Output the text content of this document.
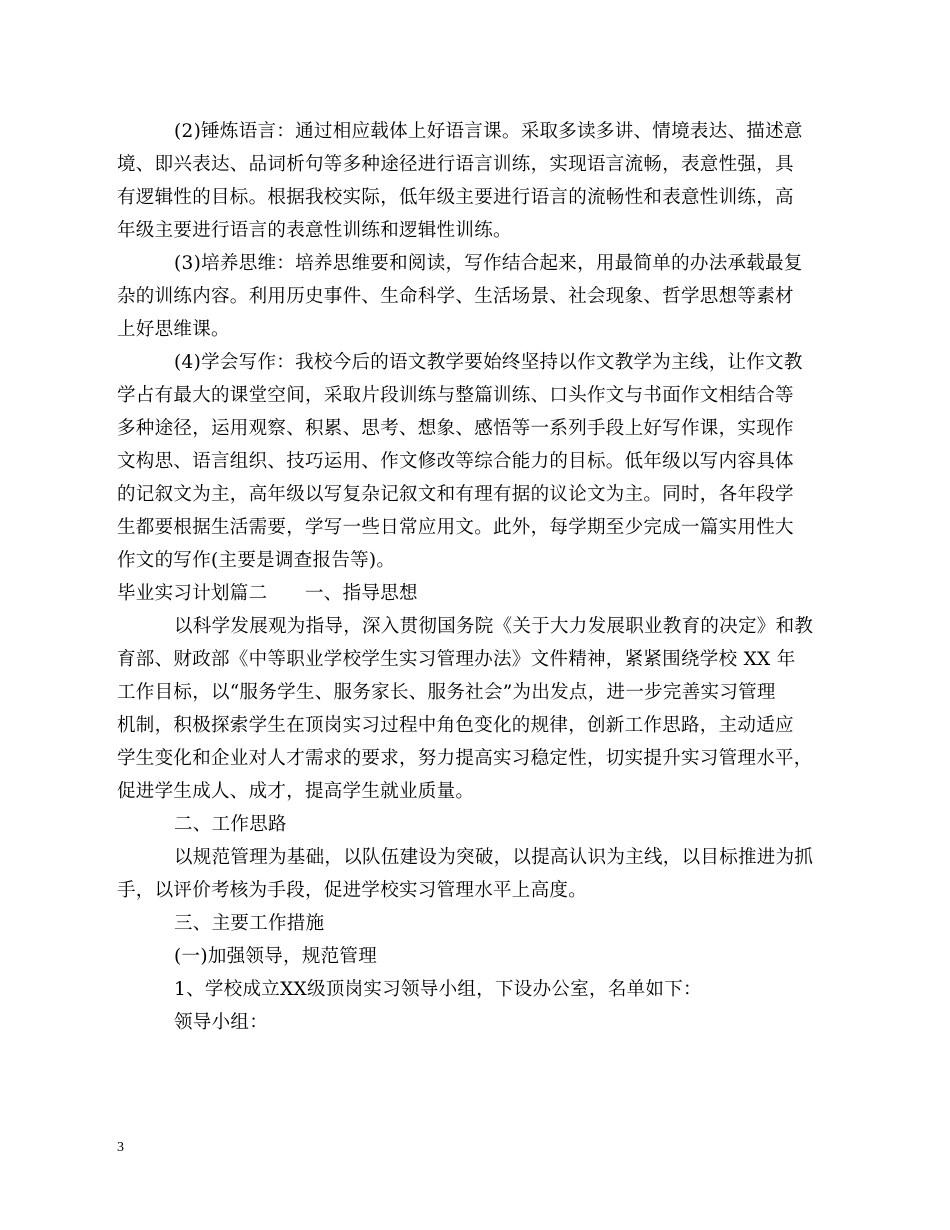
(2)锤炼语言：通过相应载体上好语言课。采取多读多讲、情境表达、描述意

境、即兴表达、品词析句等多种途径进行语言训练，实现语言流畅，表意性强，具

有逻辑性的目标。根据我校实际，低年级主要进行语言的流畅性和表意性训练，高

年级主要进行语言的表意性训练和逻辑性训练。

(3)培养思维：培养思维要和阅读，写作结合起来，用最简单的办法承载最复

杂的训练内容。利用历史事件、生命科学、生活场景、社会现象、哲学思想等素材

上好思维课。

(4)学会写作：我校今后的语文教学要始终坚持以作文教学为主线，让作文教

学占有最大的课堂空间，采取片段训练与整篇训练、口头作文与书面作文相结合等

多种途径，运用观察、积累、思考、想象、感悟等一系列手段上好写作课，实现作

文构思、语言组织、技巧运用、作文修改等综合能力的目标。低年级以写内容具体

的记叙文为主，高年级以写复杂记叙文和有理有据的议论文为主。同时，各年段学

生都要根据生活需要，学写一些日常应用文。此外，每学期至少完成一篇实用性大

作文的写作(主要是调查报告等)。

毕业实习计划篇二　　一、指导思想

以科学发展观为指导，深入贯彻国务院《关于大力发展职业教育的决定》和教

育部、财政部《中等职业学校学生实习管理办法》文件精神，紧紧围绕学校 XX 年

工作目标，以“服务学生、服务家长、服务社会”为出发点，进一步完善实习管理

机制，积极探索学生在顶岗实习过程中角色变化的规律，创新工作思路，主动适应

学生变化和企业对人才需求的要求，努力提高实习稳定性，切实提升实习管理水平，

促进学生成人、成才，提高学生就业质量。

二、工作思路

以规范管理为基础，以队伍建设为突破，以提高认识为主线，以目标推进为抓

手，以评价考核为手段，促进学校实习管理水平上高度。

三、主要工作措施

(一)加强领导，规范管理

1、学校成立XX级顶岗实习领导小组，下设办公室，名单如下：

领导小组：

3
